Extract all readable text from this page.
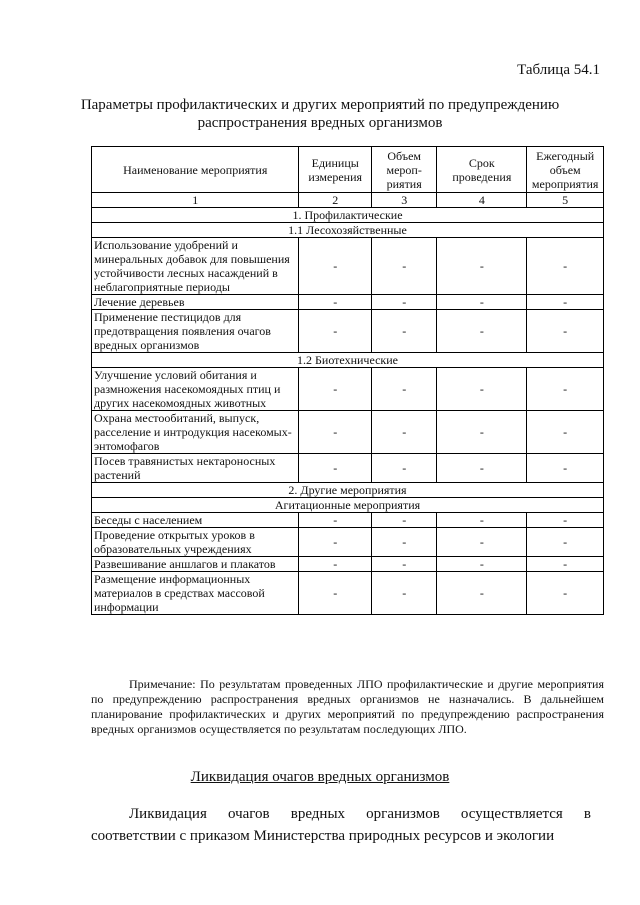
Таблица 54.1
Параметры профилактических и других мероприятий по предупреждению
распространения вредных организмов
Наименование мероприятия	Единицы измерения	Объем мероп-риятия	Срок проведения	Ежегодный объем мероприятия
1	2	3	4	5
1. Профилактические				
1.1 Лесохозяйственные				
Использование удобрений и минеральных добавок для повышения устойчивости лесных насаждений в неблагоприятные периоды	-	-	-	-
Лечение деревьев	-	-	-	-
Применение пестицидов для предотвращения появления очагов вредных организмов	-	-	-	-
1.2 Биотехнические				
Улучшение условий обитания и размножения насекомоядных птиц и других насекомоядных животных	-	-	-	-
Охрана местообитаний, выпуск, расселение и интродукция насекомых-энтомофагов	-	-	-	-
Посев травянистых нектароносных растений	-	-	-	-
2. Другие мероприятия				
Агитационные мероприятия				
Беседы с населением	-	-	-	-
Проведение открытых уроков в образовательных учреждениях	-	-	-	-
Развешивание аншлагов и плакатов	-	-	-	-
Размещение информационных материалов в средствах массовой информации	-	-	-	-
Примечание: По результатам проведенных ЛПО профилактические и другие мероприятия по предупреждению распространения вредных организмов не назначались. В дальнейшем планирование профилактических и других мероприятий по предупреждению распространения вредных организмов осуществляется по результатам последующих ЛПО.
Ликвидация очагов вредных организмов
Ликвидация очагов вредных организмов осуществляется в соответствии с приказом Министерства природных ресурсов и экологии
